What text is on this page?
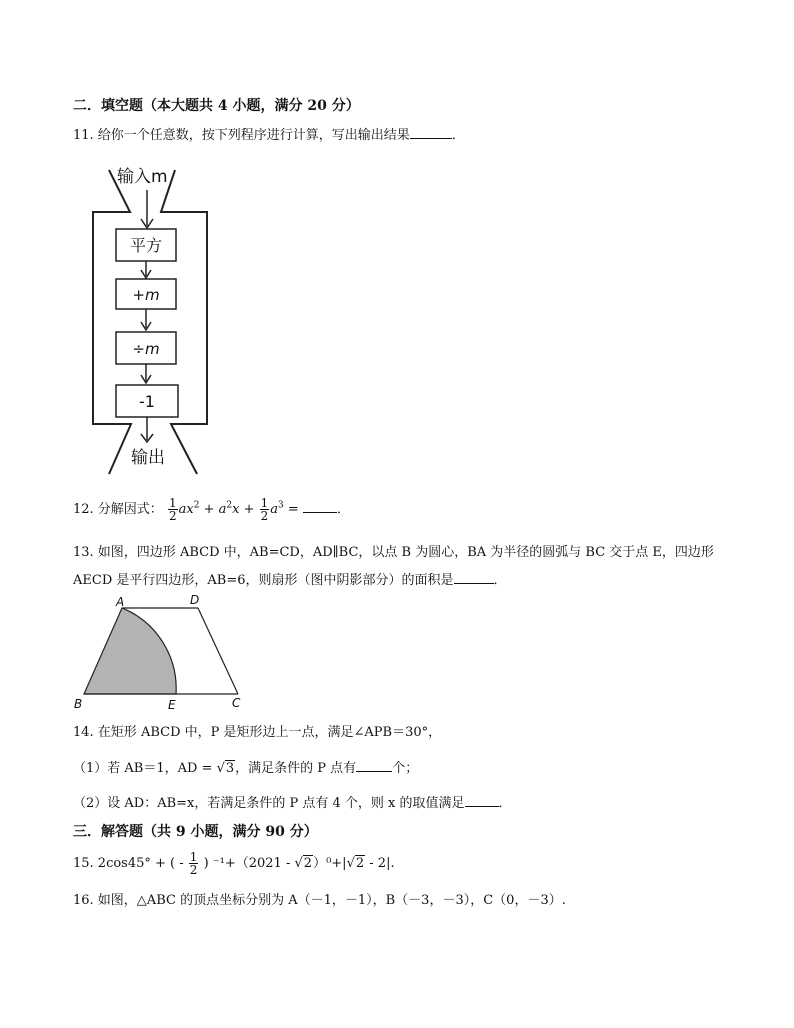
二．填空题（本大题共 4 小题，满分 20 分）
11. 给你一个任意数，按下列程序进行计算，写出输出结果	．
输入m
平方
+m
÷m
-1
输出
12. 分解因式： $\frac{1}{2} ax^2 + a^2x + \frac{1}{2} a^3$ =	．
13. 如图，四边形 ABCD 中，AB=CD，AD∥BC，以点 B 为圆心，BA 为半径的圆弧与 BC 交于点 E，四边形
AECD 是平行四边形，AB=6，则扇形（图中阴影部分）的面积是	．
A	D
B	E	C
14. 在矩形 ABCD 中，P 是矩形边上一点，满足∠APB＝30°，
（1）若 AB＝1，AD = √3，满足条件的 P 点有	个；
（2）设 AD：AB=x，若满足条件的 P 点有 4 个，则 x 的取值满足	．
三．解答题（共 9 小题，满分 90 分）
15. 2cos45° + ( - $\frac{1}{2}$ ) ⁻¹+（2021 - √2）⁰+|√2 - 2|.
16. 如图，△ABC 的顶点坐标分别为 A（－1，－1），B（－3，－3），C（0，－3）.
